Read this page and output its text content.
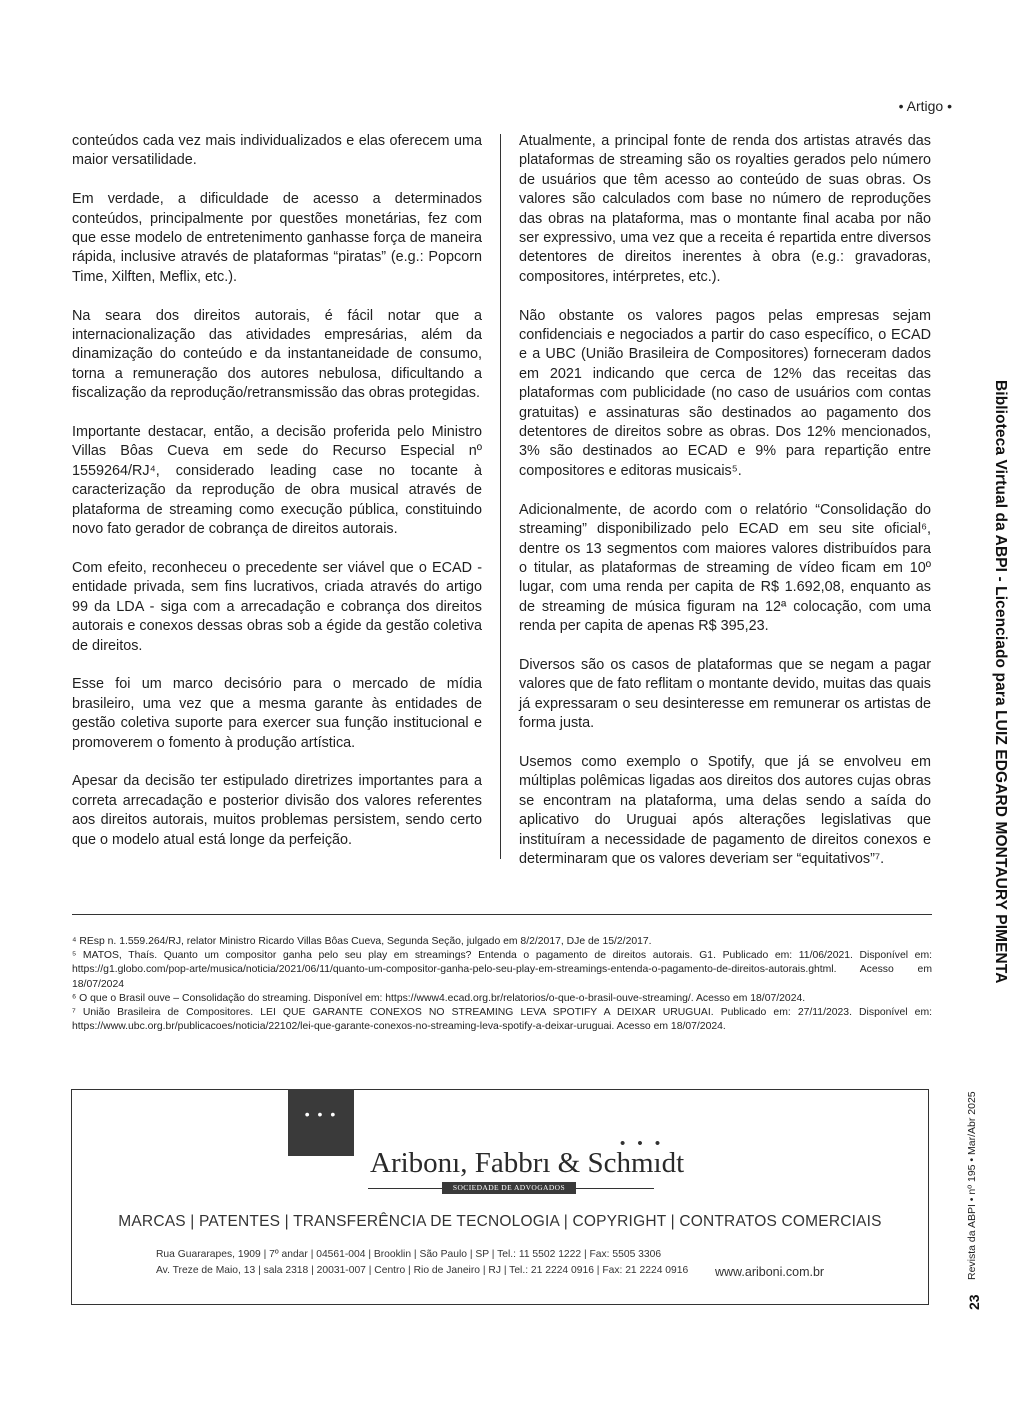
• Artigo •

conteúdos cada vez mais individualizados e elas oferecem uma maior versatilidade.

Em verdade, a dificuldade de acesso a determinados conteúdos, principalmente por questões monetárias, fez com que esse modelo de entretenimento ganhasse força de maneira rápida, inclusive através de plataformas “piratas” (e.g.: Popcorn Time, Xilften, Meflix, etc.).

Na seara dos direitos autorais, é fácil notar que a internacionalização das atividades empresárias, além da dinamização do conteúdo e da instantaneidade de consumo, torna a remuneração dos autores nebulosa, dificultando a fiscalização da reprodução/retransmissão das obras protegidas.

Importante destacar, então, a decisão proferida pelo Ministro Villas Bôas Cueva em sede do Recurso Especial nº 1559264/RJ⁴, considerado leading case no tocante à caracterização da reprodução de obra musical através de plataforma de streaming como execução pública, constituindo novo fato gerador de cobrança de direitos autorais.

Com efeito, reconheceu o precedente ser viável que o ECAD - entidade privada, sem fins lucrativos, criada através do artigo 99 da LDA - siga com a arrecadação e cobrança dos direitos autorais e conexos dessas obras sob a égide da gestão coletiva de direitos.

Esse foi um marco decisório para o mercado de mídia brasileiro, uma vez que a mesma garante às entidades de gestão coletiva suporte para exercer sua função institucional e promoverem o fomento à produção artística.

Apesar da decisão ter estipulado diretrizes importantes para a correta arrecadação e posterior divisão dos valores referentes aos direitos autorais, muitos problemas persistem, sendo certo que o modelo atual está longe da perfeição.

Atualmente, a principal fonte de renda dos artistas através das plataformas de streaming são os royalties gerados pelo número de usuários que têm acesso ao conteúdo de suas obras. Os valores são calculados com base no número de reproduções das obras na plataforma, mas o montante final acaba por não ser expressivo, uma vez que a receita é repartida entre diversos detentores de direitos inerentes à obra (e.g.: gravadoras, compositores, intérpretes, etc.).

Não obstante os valores pagos pelas empresas sejam confidenciais e negociados a partir do caso específico, o ECAD e a UBC (União Brasileira de Compositores) forneceram dados em 2021 indicando que cerca de 12% das receitas das plataformas com publicidade (no caso de usuários com contas gratuitas) e assinaturas são destinados ao pagamento dos detentores de direitos sobre as obras. Dos 12% mencionados, 3% são destinados ao ECAD e 9% para repartição entre compositores e editoras musicais⁵.

Adicionalmente, de acordo com o relatório “Consolidação do streaming” disponibilizado pelo ECAD em seu site oficial⁶, dentre os 13 segmentos com maiores valores distribuídos para o titular, as plataformas de streaming de vídeo ficam em 10º lugar, com uma renda per capita de R$ 1.692,08, enquanto as de streaming de música figuram na 12ª colocação, com uma renda per capita de apenas R$ 395,23.

Diversos são os casos de plataformas que se negam a pagar valores que de fato reflitam o montante devido, muitas das quais já expressaram o seu desinteresse em remunerar os artistas de forma justa.

Usemos como exemplo o Spotify, que já se envolveu em múltiplas polêmicas ligadas aos direitos dos autores cujas obras se encontram na plataforma, uma delas sendo a saída do aplicativo do Uruguai após alterações legislativas que instituíram a necessidade de pagamento de direitos conexos e determinaram que os valores deveriam ser “equitativos”⁷.

⁴ REsp n. 1.559.264/RJ, relator Ministro Ricardo Villas Bôas Cueva, Segunda Seção, julgado em 8/2/2017, DJe de 15/2/2017.

⁵ MATOS, Thaís. Quanto um compositor ganha pelo seu play em streamings? Entenda o pagamento de direitos autorais. G1. Publicado em: 11/06/2021. Disponível em: https://g1.globo.com/pop-arte/musica/noticia/2021/06/11/quanto-um-compositor-ganha-pelo-seu-play-em-streamings-entenda-o-pagamento-de-direitos-autorais.ghtml. Acesso em 18/07/2024

⁶ O que o Brasil ouve – Consolidação do streaming. Disponível em: https://www4.ecad.org.br/relatorios/o-que-o-brasil-ouve-streaming/. Acesso em 18/07/2024.

⁷ União Brasileira de Compositores. LEI QUE GARANTE CONEXOS NO STREAMING LEVA SPOTIFY A DEIXAR URUGUAI. Publicado em: 27/11/2023. Disponível em: https://www.ubc.org.br/publicacoes/noticia/22102/lei-que-garante-conexos-no-streaming-leva-spotify-a-deixar-uruguai. Acesso em 18/07/2024.

• • •
• • •
Aribonı, Fabbrı & Schmıdt
SOCIEDADE DE ADVOGADOS
MARCAS | PATENTES | TRANSFERÊNCIA DE TECNOLOGIA | COPYRIGHT | CONTRATOS COMERCIAIS
Rua Guararapes, 1909 | 7º andar | 04561-004 | Brooklin | São Paulo | SP | Tel.: 11 5502 1222 | Fax: 5505 3306
Av. Treze de Maio, 13 | sala 2318 | 20031-007 | Centro | Rio de Janeiro | RJ | Tel.: 21 2224 0916 | Fax: 21 2224 0916 www.ariboni.com.br
Biblioteca Virtual da ABPI - Licenciado para LUIZ EDGARD MONTAURY PIMENTA
Revista da ABPI • nº 195 • Mar/Abr 2025
23
